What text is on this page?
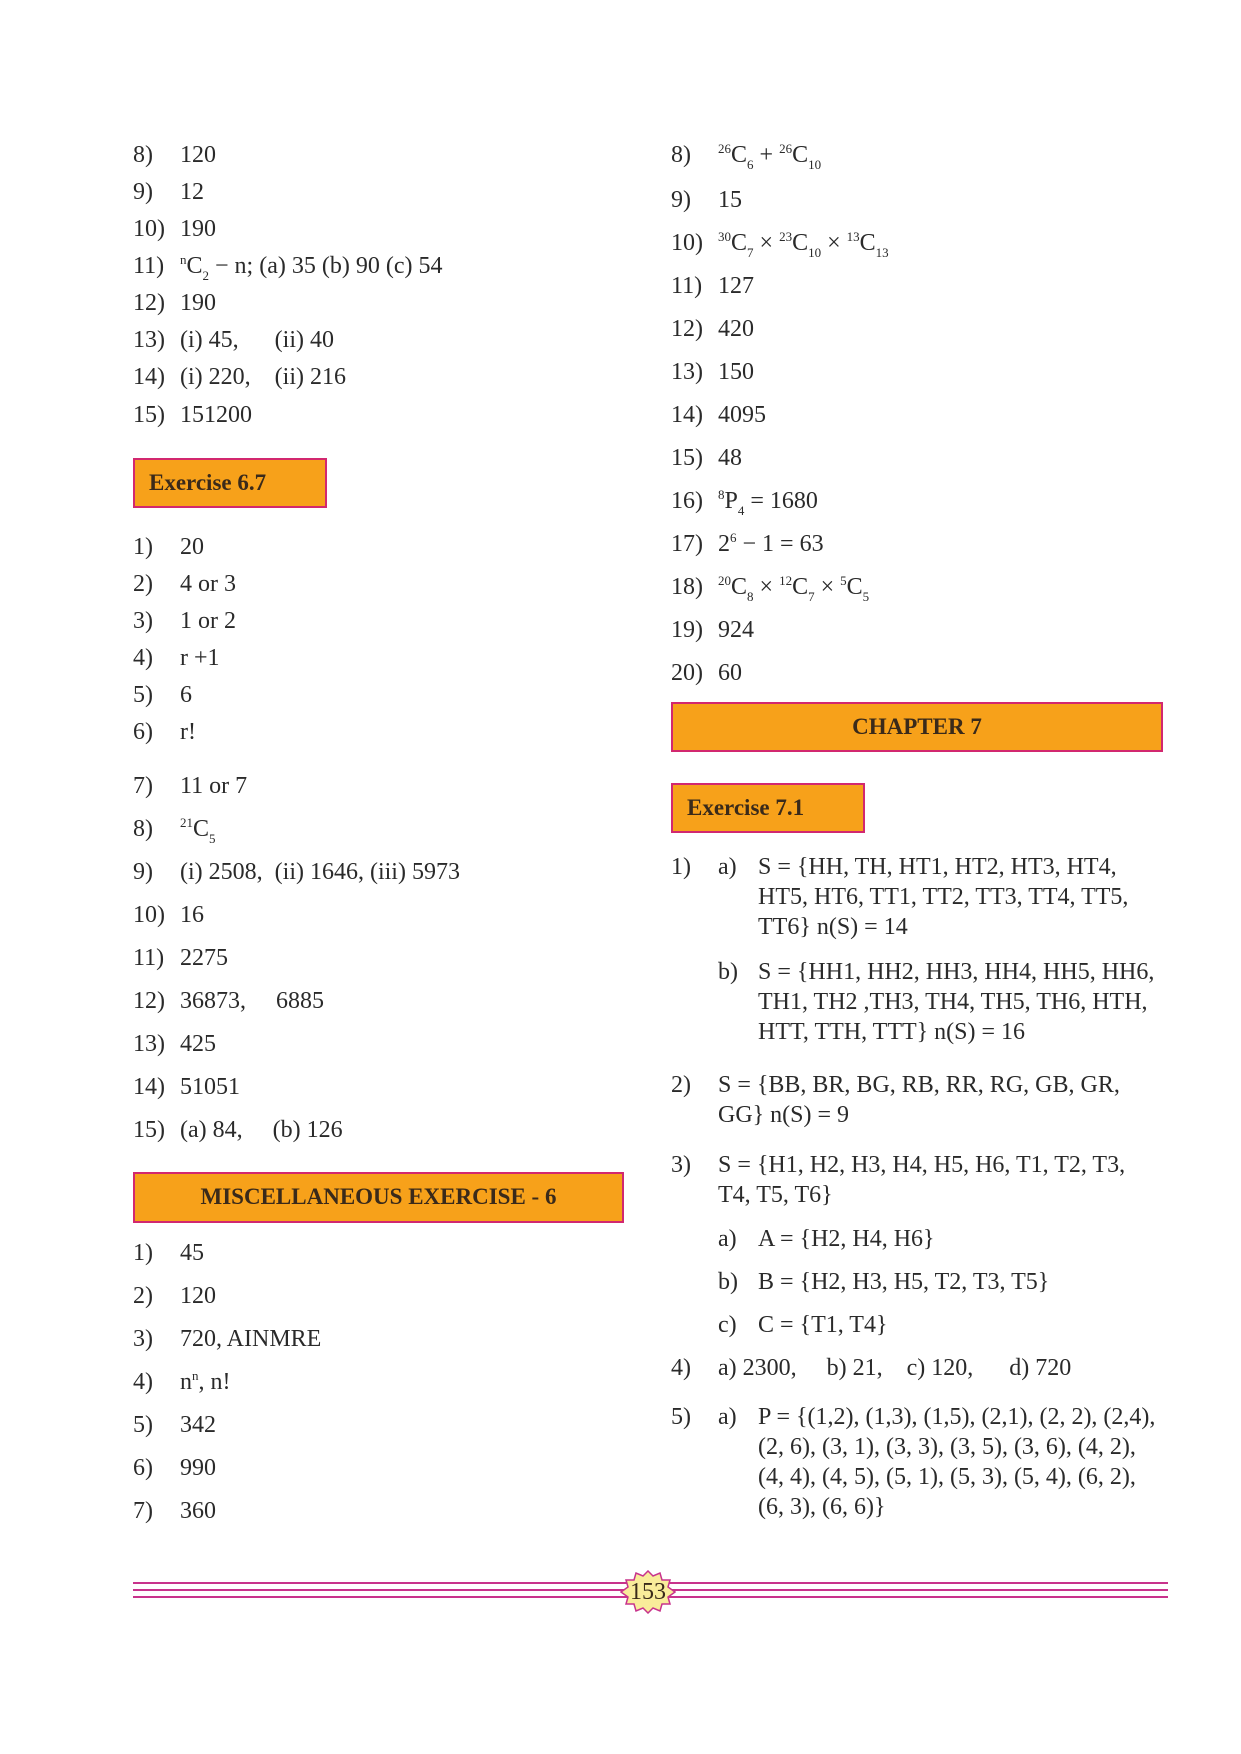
8) 120
9) 12
10) 190
11) $^nC_2 - n$; (a) 35 (b) 90 (c) 54
12) 190
13) (i) 45,      (ii) 40
14) (i) 220,    (ii) 216
15) 151200
Exercise 6.7
1) 20
2) 4 or 3
3) 1 or 2
4) r +1
5) 6
6) r!
7) 11 or 7
8) $^{21}C_5$
9) (i) 2508,  (ii) 1646, (iii) 5973
10) 16
11) 2275
12) 36873,     6885
13) 425
14) 51051
15) (a) 84,     (b) 126
MISCELLANEOUS EXERCISE - 6
1) 45
2) 120
3) 720, AINMRE
4) $n^n$, n!
5) 342
6) 990
7) 360
8) $^{26}C_6 + ^{26}C_{10}$
9) 15
10) $^{30}C_7 \times ^{23}C_{10} \times ^{13}C_{13}$
11) 127
12) 420
13) 150
14) 4095
15) 48
16) $^8P_4 = 1680$
17) $2^6 - 1 = 63$
18) $^{20}C_8 \times ^{12}C_7 \times ^5C_5$
19) 924
20) 60
CHAPTER 7
Exercise 7.1
1) a) S = {HH, TH, HT1, HT2, HT3, HT4, HT5, HT6, TT1, TT2, TT3, TT4, TT5, TT6} n(S) = 14
b) S = {HH1, HH2, HH3, HH4, HH5, HH6, TH1, TH2 ,TH3, TH4, TH5, TH6, HTH, HTT, TTH, TTT} n(S) = 16
2) S = {BB, BR, BG, RB, RR, RG, GB, GR, GG} n(S) = 9
3) S = {H1, H2, H3, H4, H5, H6, T1, T2, T3, T4, T5, T6}
a) A = {H2, H4, H6}
b) B = {H2, H3, H5, T2, T3, T5}
c) C = {T1, T4}
4) a) 2300,     b) 21,    c) 120,      d) 720
5) a) P = {(1,2), (1,3), (1,5), (2,1), (2, 2), (2,4), (2, 6), (3, 1), (3, 3), (3, 5), (3, 6), (4, 2), (4, 4), (4, 5), (5, 1), (5, 3), (5, 4), (6, 2), (6, 3), (6, 6)}
153
